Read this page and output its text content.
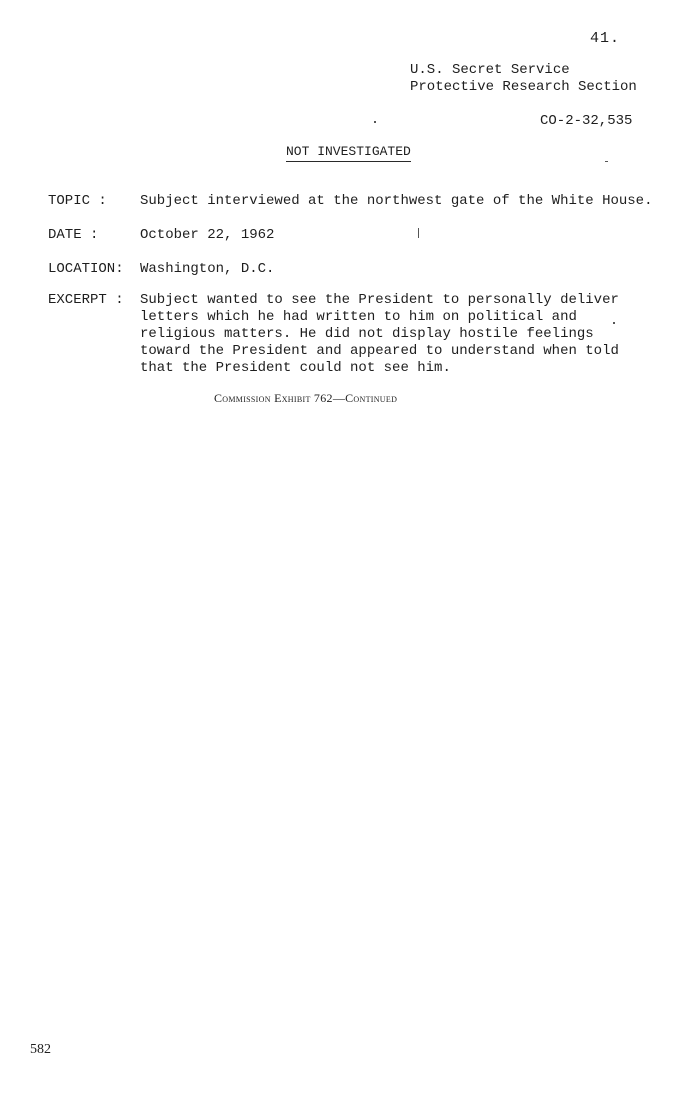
41.
U.S. Secret Service
Protective Research Section
CO-2-32,535
NOT INVESTIGATED
TOPIC :	Subject interviewed at the northwest gate of the White House.
DATE :	October 22, 1962
LOCATION:	Washington, D.C.
EXCERPT :	Subject wanted to see the President to personally deliver
letters which he had written to him on political and
religious matters. He did not display hostile feelings
toward the President and appeared to understand when told
that the President could not see him.
Commission Exhibit 762—Continued
582
